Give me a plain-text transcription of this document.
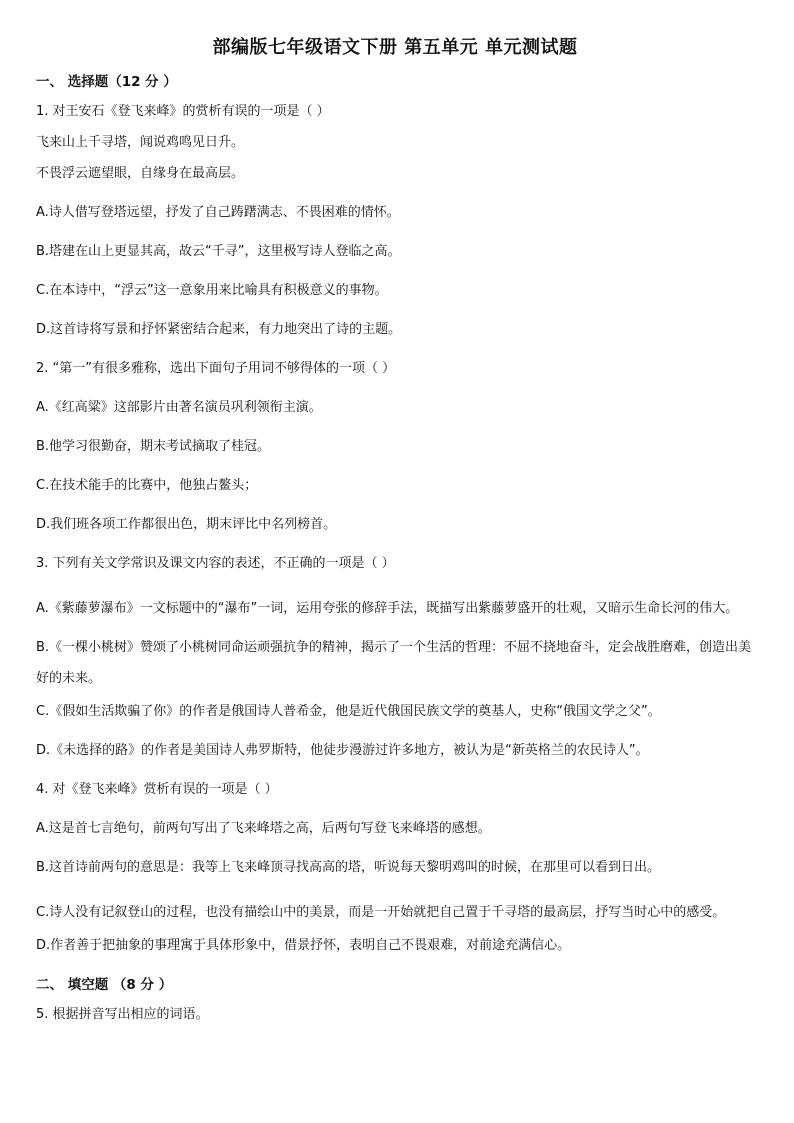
部编版七年级语文下册 第五单元 单元测试题
一、 选择题（12 分 ）
1. 对王安石《登飞来峰》的赏析有误的一项是（ ）
飞来山上千寻塔，闻说鸡鸣见日升。
不畏浮云遮望眼，自缘身在最高层。
A.诗人借写登塔远望，抒发了自己踌躇满志、不畏困难的情怀。
B.塔建在山上更显其高，故云“千寻”，这里极写诗人登临之高。
C.在本诗中，“浮云”这一意象用来比喻具有积极意义的事物。
D.这首诗将写景和抒怀紧密结合起来，有力地突出了诗的主题。
2. “第一”有很多雅称，选出下面句子用词不够得体的一项（ ）
A.《红高粱》这部影片由著名演员巩利领衔主演。
B.他学习很勤奋，期末考试摘取了桂冠。
C.在技术能手的比赛中，他独占鳌头；
D.我们班各项工作都很出色，期末评比中名列榜首。
3. 下列有关文学常识及课文内容的表述，不正确的一项是（ ）
A.《紫藤萝瀑布》一文标题中的“瀑布”一词，运用夸张的修辞手法，既描写出紫藤萝盛开的壮观，又暗示生命长河的伟大。
B.《一棵小桃树》赞颂了小桃树同命运顽强抗争的精神，揭示了一个生活的哲理：不屈不挠地奋斗，定会战胜磨难，创造出美好的未来。
C.《假如生活欺骗了你》的作者是俄国诗人普希金，他是近代俄国民族文学的奠基人，史称“俄国文学之父”。
D.《未选择的路》的作者是美国诗人弗罗斯特，他徒步漫游过许多地方，被认为是“新英格兰的农民诗人”。
4. 对《登飞来峰》赏析有误的一项是（ ）
A.这是首七言绝句，前两句写出了飞来峰塔之高，后两句写登飞来峰塔的感想。
B.这首诗前两句的意思是：我等上飞来峰顶寻找高高的塔，听说每天黎明鸡叫的时候，在那里可以看到日出。
C.诗人没有记叙登山的过程，也没有描绘山中的美景，而是一开始就把自己置于千寻塔的最高层，抒写当时心中的感受。
D.作者善于把抽象的事理寓于具体形象中，借景抒怀，表明自己不畏艰难，对前途充满信心。
二、 填空题 （8 分 ）
5. 根据拼音写出相应的词语。
